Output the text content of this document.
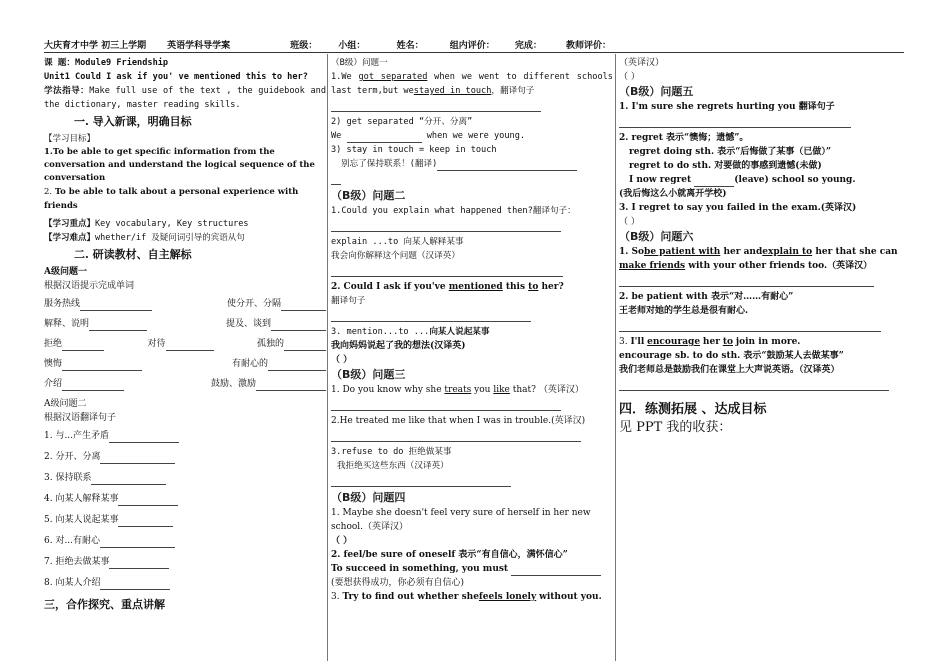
大庆育才中学 初三上学期 英语学科导学案	班级： 小组：	姓名：	组内评价： 完成：	教师评价：

课 题：Module9 Friendship

Unit1 Could I ask if you' ve mentioned this to her?

学法指导：Make full use of the text , the guidebook and the dictionary, master reading skills.

一. 导入新课，明确目标

【学习目标】

1.To be able to get specific information from the conversation and understand the logical sequence of the conversation

2. To be able to talk about a personal experience with friends

【学习重点】Key vocabulary, Key structures

【学习难点】whether/if 及疑问词引导的宾语从句

二. 研读教材、自主解标

A级问题一

根据汉语提示完成单词

服务热线	使分开、分隔
解释、说明	提及、谈到
拒绝	对待	孤独的
懊悔	有耐心的
介绍	鼓励、激励

A级问题二

根据汉语翻译句子

1. 与...产生矛盾
2. 分开、分离
3. 保持联系
4. 向某人解释某事
5. 向某人说起某事
6. 对...有耐心
7. 拒绝去做某事
8. 向某人介绍

三，合作探究、重点讲解

（B级）问题一

1.We got separated when we went to different schools last term,but westayed in touch，翻译句子

2) get separated “分开、分离”

We	when we were young.

3) stay in touch = keep in touch

别忘了保持联系！(翻译)

（B级）问题二

1.Could you explain what happened then?翻译句子：

explain ...to 向某人解释某事

我会向你解释这个问题（汉译英）

2. Could I ask if you've mentioned this to her?

翻译句子

3. mention...to ...向某人说起某事

我向妈妈说起了我的想法(汉译英)

（ ）

（B级）问题三

1. Do you know why she treats you like that? （英译汉）

2.He treated me like that when I was in trouble.(英译汉)

3.refuse to do 拒绝做某事

我拒绝买这些东西（汉译英）

（B级）问题四

1. Maybe she doesn't feel very sure of herself in her new school.（英译汉）

（ ）

2. feel/be sure of oneself 表示“有自信心，满怀信心”

To succeed in something, you must

(要想获得成功，你必须有自信心)

3. Try to find out whether shefeels lonely without you.

（英译汉）

（ ）

（B级）问题五

1. I'm sure she regrets hurting you 翻译句子

2. regret 表示“懊悔；遗憾”。

regret doing sth. 表示“后悔做了某事（已做）”

regret to do sth. 对要做的事感到遗憾(未做)

I now regret	(leave) school so young.

(我后悔这么小就离开学校)

3. I regret to say you failed in the exam.(英译汉)

（ ）

（B级）问题六

1. Sobe patient with her andexplain to her that she can make friends with your other friends too.（英译汉）

2. be patient with 表示“对……有耐心”

王老师对她的学生总是很有耐心.

3. I'll encourage her to join in more.

encourage sb. to do sth. 表示“鼓励某人去做某事”

我们老师总是鼓励我们在课堂上大声说英语。（汉译英）

四．练测拓展 、达成目标

见 PPT 我的收获：
